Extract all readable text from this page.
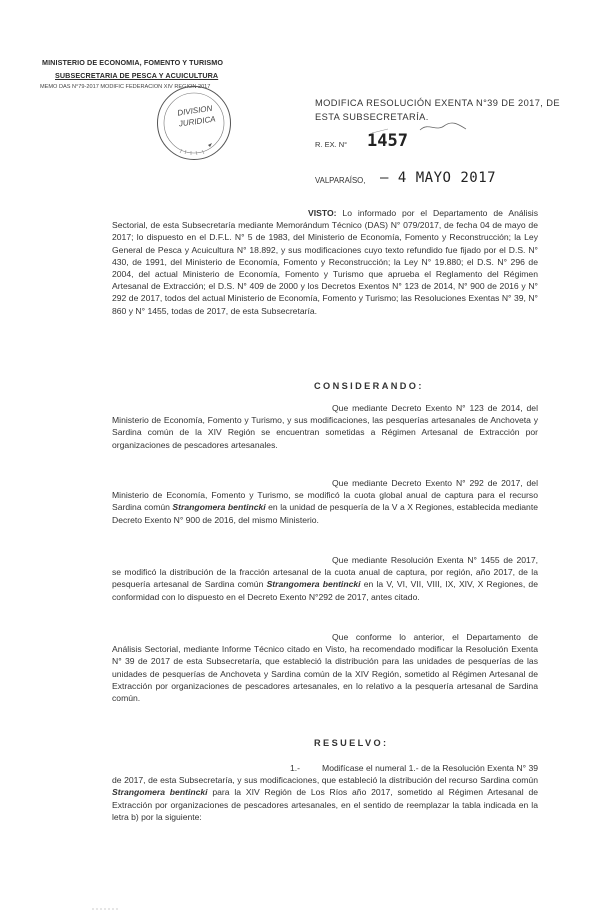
MINISTERIO DE ECONOMIA, FOMENTO Y TURISMO
SUBSECRETARIA DE PESCA Y ACUICULTURA
MEMO DAS N°79-2017 MODIFIC FEDERACION XIV REGION 2017
DIVISION
JURIDICA
MODIFICA RESOLUCIÓN EXENTA N°39 DE 2017, DE
ESTA SUBSECRETARÍA.
R. EX. N° 1457
VALPARAÍSO, – 4 MAYO 2017
VISTO: Lo informado por el Departamento de Análisis Sectorial, de esta Subsecretaría mediante Memorándum Técnico (DAS) N° 079/2017, de fecha 04 de mayo de 2017; lo dispuesto en el D.F.L. N° 5 de 1983, del Ministerio de Economía, Fomento y Reconstrucción; la Ley General de Pesca y Acuicultura N° 18.892, y sus modificaciones cuyo texto refundido fue fijado por el D.S. N° 430, de 1991, del Ministerio de Economía, Fomento y Reconstrucción; la Ley N° 19.880; el D.S. N° 296 de 2004, del actual Ministerio de Economía, Fomento y Turismo que aprueba el Reglamento del Régimen Artesanal de Extracción; el D.S. N° 409 de 2000 y los Decretos Exentos N° 123 de 2014, N° 900 de 2016 y N° 292 de 2017, todos del actual Ministerio de Economía, Fomento y Turismo; las Resoluciones Exentas N° 39, N° 860 y N° 1455, todas de 2017, de esta Subsecretaría.
CONSIDERANDO:
Que mediante Decreto Exento N° 123 de 2014, del Ministerio de Economía, Fomento y Turismo, y sus modificaciones, las pesquerías artesanales de Anchoveta y Sardina común de la XIV Región se encuentran sometidas a Régimen Artesanal de Extracción por organizaciones de pescadores artesanales.
Que mediante Decreto Exento N° 292 de 2017, del Ministerio de Economía, Fomento y Turismo, se modificó la cuota global anual de captura para el recurso Sardina común Strangomera bentincki en la unidad de pesquería de la V a X Regiones, establecida mediante Decreto Exento N° 900 de 2016, del mismo Ministerio.
Que mediante Resolución Exenta N° 1455 de 2017, se modificó la distribución de la fracción artesanal de la cuota anual de captura, por región, año 2017, de la pesquería artesanal de Sardina común Strangomera bentincki en la V, VI, VII, VIII, IX, XIV, X Regiones, de conformidad con lo dispuesto en el Decreto Exento N°292 de 2017, antes citado.
Que conforme lo anterior, el Departamento de Análisis Sectorial, mediante Informe Técnico citado en Visto, ha recomendado modificar la Resolución Exenta N° 39 de 2017 de esta Subsecretaría, que estableció la distribución para las unidades de pesquerías de las unidades de pesquerías de Anchoveta y Sardina común de la XIV Región, sometido al Régimen Artesanal de Extracción por organizaciones de pescadores artesanales, en lo relativo a la pesquería artesanal de Sardina común.
RESUELVO:
1.-	Modifícase el numeral 1.- de la Resolución Exenta N° 39 de 2017, de esta Subsecretaría, y sus modificaciones, que estableció la distribución del recurso Sardina común Strangomera bentincki para la XIV Región de Los Ríos año 2017, sometido al Régimen Artesanal de Extracción por organizaciones de pescadores artesanales, en el sentido de reemplazar la tabla indicada en la letra b) por la siguiente:
